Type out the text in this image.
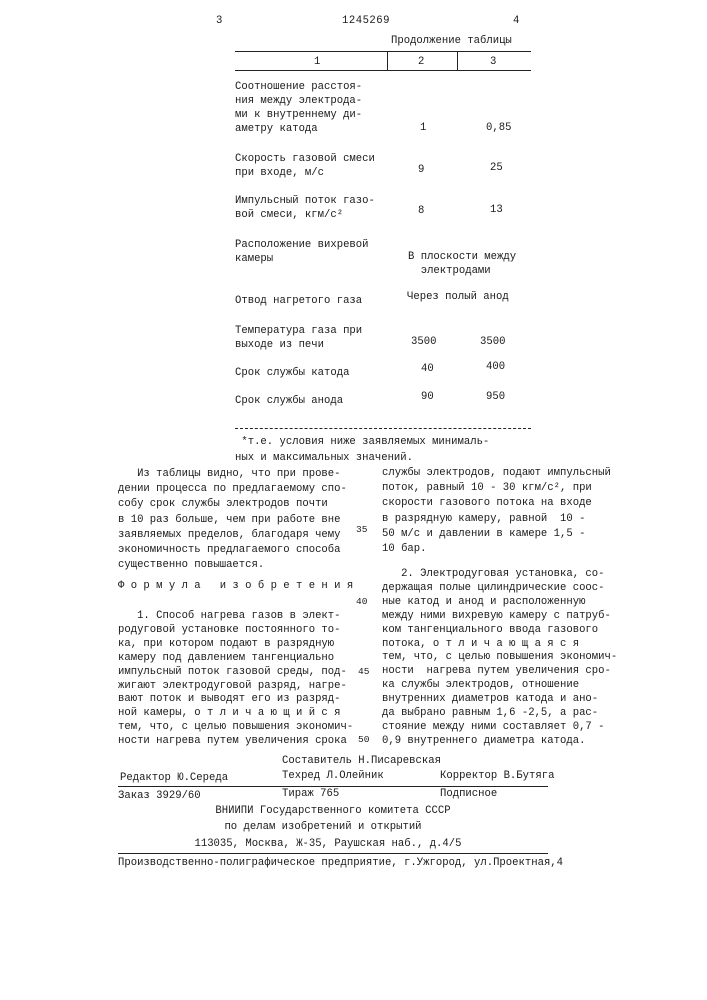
3	1245269	4
Продолжение таблицы
1	2	3
Соотношение расстоя-
ния между электрода-
ми к внутреннему ди-
аметру катода	1	0,85
Скорость газовой смеси
при входе, м/с	9	25
Импульсный поток газо-
вой смеси, кгм/с²	8	13
Расположение вихревой
камеры	В плоскости между
электродами
Отвод нагретого газа	Через полый анод
Температура газа при
выходе из печи	3500	3500
Срок службы катода	40	400
Срок службы анода	90	950
*т.е. условия ниже заявляемых минималь-
ных и максимальных значений.
Из таблицы видно, что при прове-
дении процесса по предлагаемому спо-
собу срок службы электродов почти
в 10 раз больше, чем при работе вне
заявляемых пределов, благодаря чему
экономичность предлагаемого способа
существенно повышается.
Ф о р м у л а   и з о б р е т е н и я
1. Способ нагрева газов в элект-
родуговой установке постоянного то-
ка, при котором подают в разрядную
камеру под давлением тангенциально
импульсный поток газовой среды, под-
жигают электродуговой разряд, нагре-
вают поток и выводят его из разряд-
ной камеры, о т л и ч а ю щ и й с я
тем, что, с целью повышения экономич-
ности нагрева путем увеличения срока
службы электродов, подают импульсный
поток, равный 10 - 30 кгм/с², при
скорости газового потока на входе
в разрядную камеру, равной  10 -
50 м/с и давлении в камере 1,5 -
10 бар.
2. Электродуговая установка, со-
держащая полые цилиндрические соос-
ные катод и анод и расположенную
между ними вихревую камеру с патруб-
ком тангенциального ввода газового
потока, о т л и ч а ю щ а я с я
тем, что, с целью повышения экономич-
ности  нагрева путем увеличения сро-
ка службы электродов, отношение
внутренних диаметров катода и ано-
да выбрано равным 1,6 -2,5, а рас-
стояние между ними составляет 0,7 -
0,9 внутреннего диаметра катода.
35
40
45
50
Составитель Н.Писаревская
Редактор Ю.Середа	Техред Л.Олейник	Корректор В.Бутяга
Заказ 3929/60	Тираж 765	Подписное
ВНИИПИ Государственного комитета СССР
по делам изобретений и открытий
113035, Москва, Ж-35, Раушская наб., д.4/5
Производственно-полиграфическое предприятие, г.Ужгород, ул.Проектная,4
